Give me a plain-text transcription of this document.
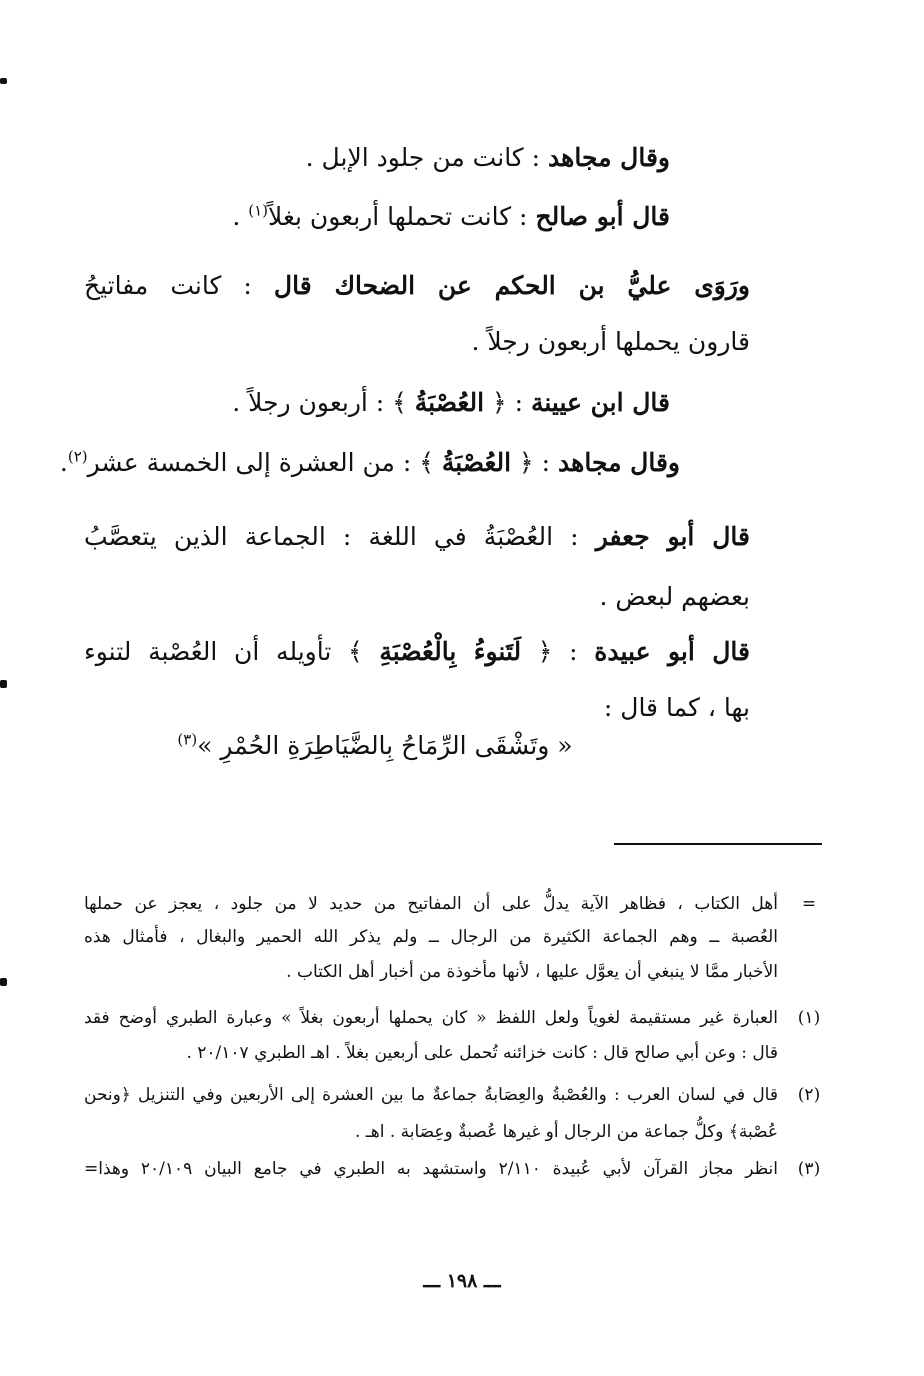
وقال مجاهد : كانت من جلود الإبل .
قال أبو صالح : كانت تحملها أربعون بغلاً$^{(١)}$ .
ورَوَى عليُّ بن الحكم عن الضحاك قال : كانت مفاتيحُ
قارون يحملها أربعون رجلاً .
قال ابن عيينة : ﴿ العُصْبَةُ ﴾ : أربعون رجلاً .
وقال مجاهد : ﴿ العُصْبَةُ ﴾ : من العشرة إلى الخمسة عشر$^{(٢)}$.
قال أبو جعفر : العُصْبَةُ في اللغة : الجماعة الذين يتعصَّبُ
بعضهم لبعض .
قال أبو عبيدة : ﴿ لَتَنوءُ بِالْعُصْبَةِ ﴾ تأويله أن العُصْبة لتنوء
بها ، كما قال :
« وتَشْقَى الرِّمَاحُ بِالضَّيَاطِرَةِ الحُمْرِ »$^{(٣)}$
=
أهل الكتاب ، فظاهر الآية يدلُّ على أن المفاتيح من حديد لا من جلود ، يعجز عن حملها
العُصبة ــ وهم الجماعة الكثيرة من الرجال ــ ولم يذكر الله الحمير والبغال ، فأمثال هذه
الأخبار ممَّا لا ينبغي أن يعوَّل عليها ، لأنها مأخوذة من أخبار أهل الكتاب .
(١)
العبارة غير مستقيمة لغوياً ولعل اللفظ « كان يحملها أربعون بغلاً » وعبارة الطبري أوضح فقد
قال : وعن أبي صالح قال : كانت خزائنه تُحمل على أربعين بغلاً . اهـ الطبري ٢٠/١٠٧ .
(٢)
قال في لسان العرب : والعُصْبةُ والعِصَابةُ جماعةٌ ما بين العشرة إلى الأربعين وفي التنزيل ﴿ونحن
عُصْبة﴾ وكلُّ جماعة من الرجال أو غيرها عُصبةٌ وعِصَابة . اهـ .
(٣)
انظر مجاز القرآن لأبي عُبيدة ٢/١١٠ واستشهد به الطبري في جامع البيان ٢٠/١٠٩ وهذا=
ـــ ١٩٨ ـــ
